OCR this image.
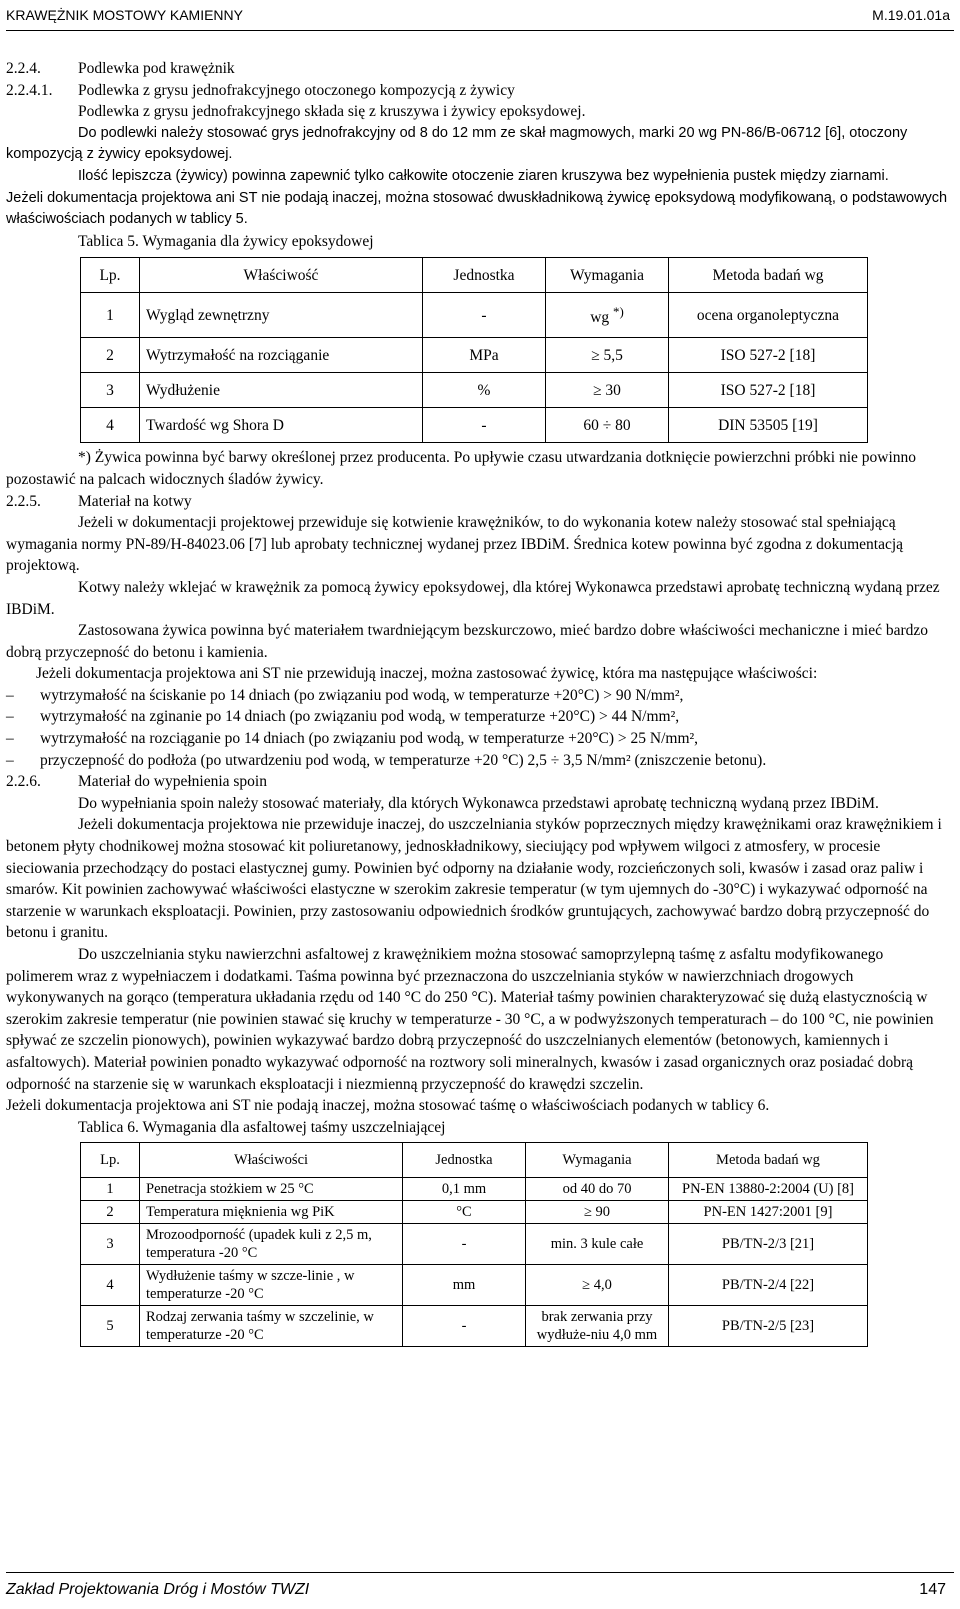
KRAWĘŻNIK MOSTOWY KAMIENNY	M.19.01.01a
2.2.4. Podlewka pod krawężnik
2.2.4.1. Podlewka z grysu jednofrakcyjnego otoczonego kompozycją z żywicy

Podlewka z grysu jednofrakcyjnego składa się z kruszywa i żywicy epoksydowej.

Do podlewki należy stosować grys jednofrakcyjny od 8 do 12 mm ze skał magmowych, marki 20 wg PN-86/B-06712 [6], otoczony kompozycją z żywicy epoksydowej.

Ilość lepiszcza (żywicy) powinna zapewnić tylko całkowite otoczenie ziaren kruszywa bez wypełnienia pustek między ziarnami.

Jeżeli dokumentacja projektowa ani ST nie podają inaczej, można stosować dwuskładnikową żywicę epoksydową modyfikowaną, o podstawowych właściwościach podanych w tablicy 5.

Tablica 5. Wymagania dla żywicy epoksydowej

Lp.	Właściwość	Jednostka	Wymagania	Metoda badań wg
1	Wygląd zewnętrzny	-	wg *)	ocena organoleptyczna
2	Wytrzymałość na rozciąganie	MPa	≥ 5,5	ISO 527-2 [18]
3	Wydłużenie	%	≥ 30	ISO 527-2 [18]
4	Twardość wg Shora D	-	60 ÷ 80	DIN 53505 [19]

*) Żywica powinna być barwy określonej przez producenta. Po upływie czasu utwardzania dotknięcie powierzchni próbki nie powinno pozostawić na palcach widocznych śladów żywicy.

2.2.5. Materiał na kotwy

Jeżeli w dokumentacji projektowej przewiduje się kotwienie krawężników, to do wykonania kotew należy stosować stal spełniającą wymagania normy PN-89/H-84023.06 [7] lub aprobaty technicznej wydanej przez IBDiM. Średnica kotew powinna być zgodna z dokumentacją projektową.

Kotwy należy wklejać w krawężnik za pomocą żywicy epoksydowej, dla której Wykonawca przedstawi aprobatę techniczną wydaną przez IBDiM.

Zastosowana żywica powinna być materiałem twardniejącym bezskurczowo, mieć bardzo dobre właściwości mechaniczne i mieć bardzo dobrą przyczepność do betonu i kamienia.

Jeżeli dokumentacja projektowa ani ST nie przewidują inaczej, można zastosować żywicę, która ma następujące właściwości:

– wytrzymałość na ściskanie po 14 dniach (po związaniu pod wodą, w temperaturze +20°C) > 90 N/mm²,
– wytrzymałość na zginanie po 14 dniach (po związaniu pod wodą, w temperaturze +20°C) > 44 N/mm²,
– wytrzymałość na rozciąganie po 14 dniach (po związaniu pod wodą, w temperaturze +20°C) > 25 N/mm²,
– przyczepność do podłoża (po utwardzeniu pod wodą, w temperaturze +20 °C) 2,5 ÷ 3,5 N/mm² (zniszczenie betonu).
2.2.6. Materiał do wypełnienia spoin

Do wypełniania spoin należy stosować materiały, dla których Wykonawca przedstawi aprobatę techniczną wydaną przez IBDiM.

Jeżeli dokumentacja projektowa nie przewiduje inaczej, do uszczelniania styków poprzecznych między krawężnikami oraz krawężnikiem i betonem płyty chodnikowej można stosować kit poliuretanowy, jednoskładnikowy, sieciujący pod wpływem wilgoci z atmosfery, w procesie sieciowania przechodzący do postaci elastycznej gumy. Powinien być odporny na działanie wody, rozcieńczonych soli, kwasów i zasad oraz paliw i smarów. Kit powinien zachowywać właściwości elastyczne w szerokim zakresie temperatur (w tym ujemnych do -30°C) i wykazywać odporność na starzenie w warunkach eksploatacji. Powinien, przy zastosowaniu odpowiednich środków gruntujących, zachowywać bardzo dobrą przyczepność do betonu i granitu.

Do uszczelniania styku nawierzchni asfaltowej z krawężnikiem można stosować samoprzylepną taśmę z asfaltu modyfikowanego polimerem wraz z wypełniaczem i dodatkami. Taśma powinna być przeznaczona do uszczelniania styków w nawierzchniach drogowych wykonywanych na gorąco (temperatura układania rzędu od 140 °C do 250 °C). Materiał taśmy powinien charakteryzować się dużą elastycznością w szerokim zakresie temperatur (nie powinien stawać się kruchy w temperaturze - 30 °C, a w podwyższonych temperaturach – do 100 °C, nie powinien spływać ze szczelin pionowych), powinien wykazywać bardzo dobrą przyczepność do uszczelnianych elementów (betonowych, kamiennych i asfaltowych). Materiał powinien ponadto wykazywać odporność na roztwory soli mineralnych, kwasów i zasad organicznych oraz posiadać dobrą odporność na starzenie się w warunkach eksploatacji i niezmienną przyczepność do krawędzi szczelin.

Jeżeli dokumentacja projektowa ani ST nie podają inaczej, można stosować taśmę o właściwościach podanych w tablicy 6.

Tablica 6. Wymagania dla asfaltowej taśmy uszczelniającej

Lp.	Właściwości	Jednostka	Wymagania	Metoda badań wg
1	Penetracja stożkiem w 25 °C	0,1 mm	od 40 do 70	PN-EN 13880-2:2004 (U) [8]
2	Temperatura mięknienia wg PiK	°C	≥ 90	PN-EN 1427:2001 [9]
3	Mrozoodporność (upadek kuli z 2,5 m, temperatura -20 °C	-	min. 3 kule całe	PB/TN-2/3 [21]
4	Wydłużenie taśmy w szcze-linie , w temperaturze -20 °C	mm	≥ 4,0	PB/TN-2/4 [22]
5	Rodzaj zerwania taśmy w szczelinie, w temperaturze -20 °C	-	brak zerwania przy wydłuże-niu 4,0 mm	PB/TN-2/5 [23]
Zakład Projektowania Dróg i Mostów TWZI	147
